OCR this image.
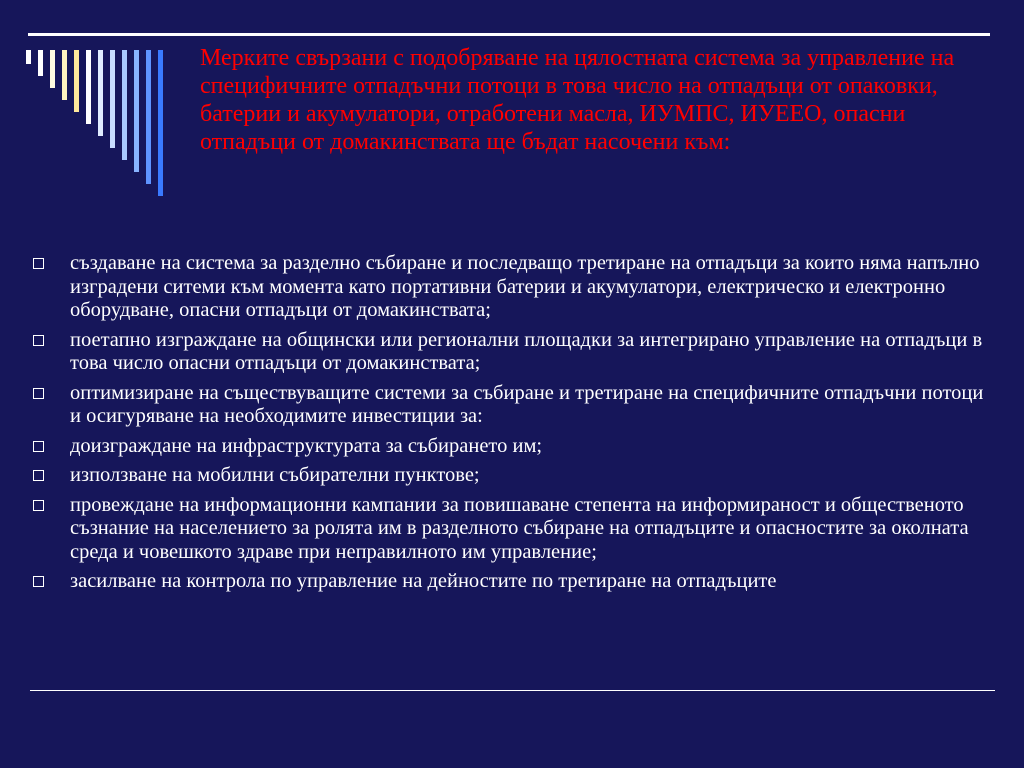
Мерките свързани с подобряване на цялостната система за управление на специфичните отпадъчни потоци в това число на отпадъци от опаковки, батерии и акумулатори, отработени масла, ИУМПС, ИУЕЕО, опасни отпадъци от домакинствата ще бъдат насочени към:
създаване на система за разделно събиране и последващо третиране на отпадъци за които няма напълно изградени ситеми към момента като портативни батерии и акумулатори, електрическо и електронно оборудване, опасни отпадъци от домакинствата;
поетапно изграждане на общински или регионални площадки за интегрирано управление на отпадъци в това число опасни отпадъци от домакинствата;
оптимизиране на съществуващите системи за събиране и третиране на специфичните отпадъчни потоци и осигуряване на необходимите инвестиции за:
доизграждане на инфраструктурата за събирането им;
използване на мобилни събирателни пунктове;
провеждане на информационни кампании за повишаване степента на информираност и общественото съзнание на населението за ролята им в разделното събиране на отпадъците и опасностите за околната среда и човешкото здраве при неправилното им управление;
засилване на контрола по управление на дейностите по третиране на отпадъците
